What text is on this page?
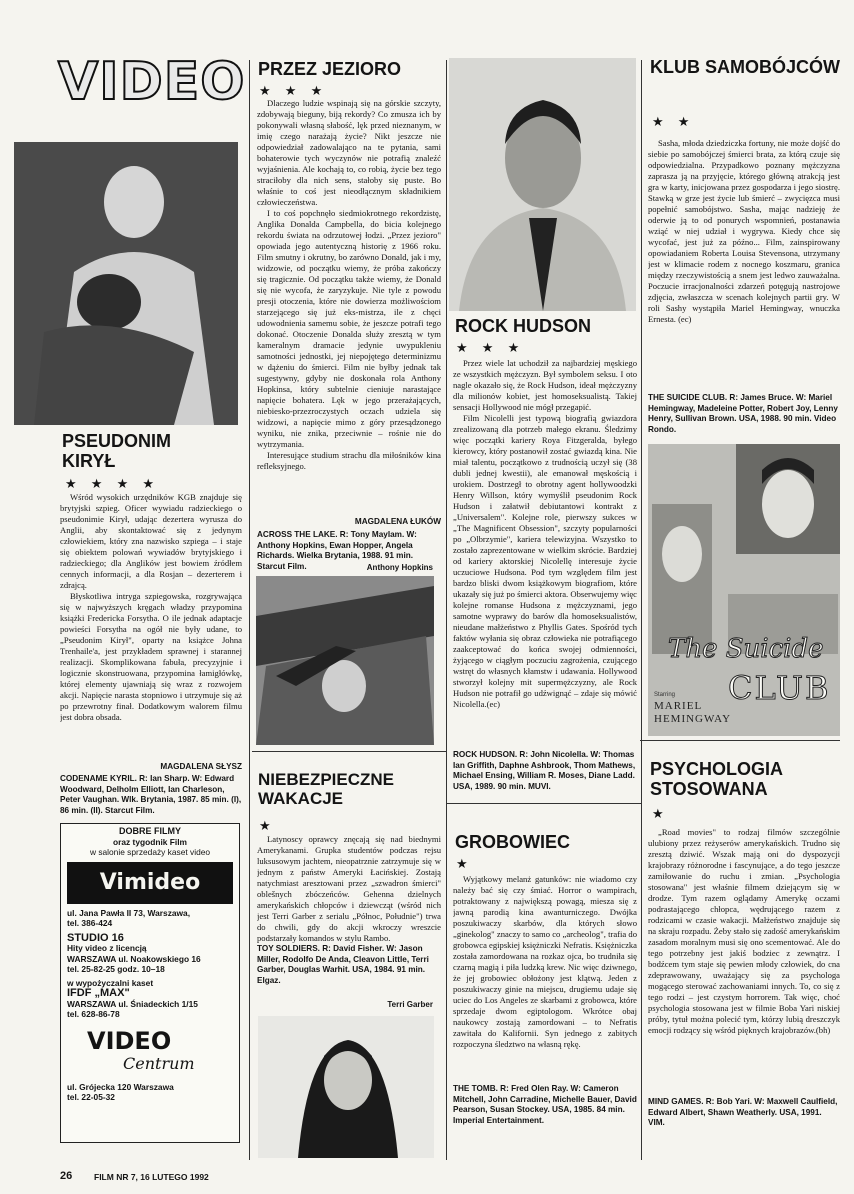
VIDEO
PSEUDONIM KIRYŁ
★ ★ ★ ★

Wśród wysokich urzędników KGB znajduje się brytyjski szpieg. Oficer wywiadu radzieckiego o pseudonimie Kirył, udając dezertera wyrusza do Anglii, aby skontaktować się z jedynym człowiekiem, który zna nazwisko szpiega – i staje się obiektem polowań wywiadów brytyjskiego i radzieckiego; dla Anglików jest bowiem źródłem cennych informacji, a dla Rosjan – dezerterem i zdrajcą.

Błyskotliwa intryga szpiegowska, rozgrywająca się w najwyższych kręgach władzy przypomina książki Fredericka Forsytha. O ile jednak adaptacje powieści Forsytha na ogół nie były udane, to „Pseudonim Kirył", oparty na książce Johna Trenhaile'a, jest przykładem sprawnej i starannej realizacji. Skomplikowana fabuła, precyzyjnie i logicznie skonstruowana, przypomina łamigłówkę, której elementy ujawniają się wraz z rozwojem akcji. Napięcie narasta stopniowo i utrzymuje się aż po przewrotny finał. Dodatkowym walorem filmu jest dobra obsada.

MAGDALENA SŁYSZ
CODENAME KYRIL. R: Ian Sharp. W: Edward Woodward, Delholm Elliott, Ian Charleson, Peter Vaughan. Wlk. Brytania, 1987. 85 min. (I), 86 min. (II). Starcut Film.
DOBRE FILMY
oraz tygodnik Film
w salonie sprzedaży kaset video
Vimideo
ul. Jana Pawła II 73, Warszawa,
tel. 386-424
STUDIO 16
Hity video z licencją
WARSZAWA ul. Noakowskiego 16
tel. 25-82-25 godz. 10–18
w wypożyczalni kaset
IFDF „MAX"
WARSZAWA ul. Śniadeckich 1/15
tel. 628-86-78
VIDEO
Centrum
ul. Grójecka 120 Warszawa
tel. 22-05-32
26	FILM NR 7, 16 LUTEGO 1992
PRZEZ JEZIORO
★ ★ ★

Dlaczego ludzie wspinają się na górskie szczyty, zdobywają bieguny, biją rekordy? Co zmusza ich by pokonywali własną słabość, lęk przed nieznanym, w imię czego narażają życie? Nikt jeszcze nie odpowiedział zadowalająco na te pytania, sami bohaterowie tych wyczynów nie potrafią znaleźć wyjaśnienia. Ale kochają to, co robią, życie bez tego straciłoby dla nich sens, stałoby się puste. Bo właśnie to coś jest nieodłącznym składnikiem człowieczeństwa.

I to coś popchnęło siedmiokrotnego rekordzistę, Anglika Donalda Campbella, do bicia kolejnego rekordu świata na odrzutowej łodzi. „Przez jezioro" opowiada jego autentyczną historię z 1966 roku. Film smutny i okrutny, bo zarówno Donald, jak i my, widzowie, od początku wiemy, że próba zakończy się tragicznie. Od początku także wiemy, że Donald się nie wycofa, że zaryzykuje. Nie tyle z powodu presji otoczenia, które nie dowierza możliwościom starzejącego się już eks-mistrza, ile z chęci udowodnienia samemu sobie, że jeszcze potrafi tego dokonać. Otoczenie Donalda służy zresztą w tym kameralnym dramacie jedynie uwypukleniu samotności jednostki, jej niepojętego determinizmu w dążeniu do śmierci. Film nie byłby jednak tak sugestywny, gdyby nie doskonała rola Anthony Hopkinsa, który subtelnie cieniuje narastające napięcie bohatera. Lęk w jego przerażających, niebiesko-przezroczystych oczach udziela się widzowi, a napięcie mimo z góry przesądzonego wyniku, nie znika, przeciwnie – rośnie nie do wytrzymania.

Interesujące studium strachu dla miłośników kina refleksyjnego.

MAGDALENA ŁUKÓW
ACROSS THE LAKE. R: Tony Maylam. W: Anthony Hopkins, Ewan Hopper, Angela Richards. Wielka Brytania, 1988. 91 min. Starcut Film.	Anthony Hopkins
NIEBEZPIECZNE WAKACJE
★

Latynoscy oprawcy znęcają się nad biednymi Amerykanami. Grupka studentów podczas rejsu luksusowym jachtem, nieopatrznie zatrzymuje się w jednym z państw Ameryki Łacińskiej. Zostają natychmiast aresztowani przez „szwadron śmierci" oblešnych zbóczeńców. Gehenna dzielnych amerykańskich chłopców i dziewcząt (wśród nich jest Terri Garber z serialu „Północ, Południe") trwa do chwili, gdy do akcji wkroczy wreszcie podstarzały komandos w stylu Rambo.

TOY SOLDIERS. R: David Fisher. W: Jason Miller, Rodolfo De Anda, Cleavon Little, Terri Garber, Douglas Warhit. USA, 1984. 91 min. Elgaz.
Terri Garber
ROCK HUDSON
★ ★ ★

Przez wiele lat uchodził za najbardziej męskiego ze wszystkich mężczyzn. Był symbolem seksu. I oto nagle okazało się, że Rock Hudson, ideał mężczyzny dla milionów kobiet, jest homoseksualistą. Takiej sensacji Hollywood nie mógł przegapić.

Film Nicolelli jest typową biografią gwiazdora zrealizowaną dla potrzeb małego ekranu. Śledzimy więc początki kariery Roya Fitzgeralda, byłego kierowcy, który postanowił zostać gwiazdą kina. Nie miał talentu, początkowo z trudnością uczył się (38 dubli jednej kwestii), ale emanował męskością i urokiem. Dostrzegł to obrotny agent hollywoodzki Henry Willson, który wymyślił pseudonim Rock Hudson i załatwił debiutantowi kontrakt z „Universalem". Kolejne role, pierwszy sukces w „The Magnificent Obsession", szczyty popularności po „Olbrzymie", kariera telewizyjna. Wszystko to zostało zaprezentowane w wielkim skrócie. Bardziej od kariery aktorskiej Nicolellę interesuje życie uczuciowe Hudsona. Pod tym względem film jest bardzo bliski dwom książkowym biografiom, które ukazały się już po śmierci aktora. Obserwujemy więc kolejne romanse Hudsona z mężczyznami, jego samotne wyprawy do barów dla homoseksualistów, nieudane małżeństwo z Phyllis Gates. Spośród tych faktów wyłania się obraz człowieka nie potrafiącego zaakceptować do końca swojej odmienności, żyjącego w ciągłym poczuciu zagrożenia, czującego wstręt do własnych kłamstw i udawania. Hollywood stworzył kolejny mit supermężczyzny, ale Rock Hudson nie potrafił go udźwignąć – zdaje się mówić Nicolella.(ec)

ROCK HUDSON. R: John Nicolella. W: Thomas Ian Griffith, Daphne Ashbrook, Thom Mathews, Michael Ensing, William R. Moses, Diane Ladd. USA, 1989. 90 min. MUVI.
GROBOWIEC
★

Wyjątkowy melanż gatunków: nie wiadomo czy należy bać się czy śmiać. Horror o wampirach, potraktowany z największą powagą, miesza się z jawną parodią kina awanturniczego. Dwójka poszukiwaczy skarbów, dla których słowo „ginekolog" znaczy to samo co „archeolog", trafia do grobowca egipskiej księżniczki Nefratis. Księżniczka została zamordowana na rozkaz ojca, bo trudniła się czarną magią i piła ludzką krew. Nic więc dziwnego, że jej grobowiec obłożony jest klątwą. Jeden z poszukiwaczy ginie na miejscu, drugiemu udaje się uciec do Los Angeles ze skarbami z grobowca, które sprzedaje dwom egiptologom. Wkrótce obaj naukowcy zostają zamordowani – to Nefratis zawitała do Kalifornii. Syn jednego z zabitych rozpoczyna śledztwo na własną rękę.

THE TOMB. R: Fred Olen Ray. W: Cameron Mitchell, John Carradine, Michelle Bauer, David Pearson, Susan Stockey. USA, 1985. 84 min. Imperial Entertainment.
KLUB SAMOBÓJCÓW
★ ★

Sasha, młoda dziedziczka fortuny, nie może dojść do siebie po samobójczej śmierci brata, za którą czuje się odpowiedzialna. Przypadkowo poznany mężczyzna zaprasza ją na przyjęcie, którego główną atrakcją jest gra w karty, inicjowana przez gospodarza i jego siostrę. Stawką w grze jest życie lub śmierć – zwycięzca musi popełnić samobójstwo. Sasha, mając nadzieję że oderwie ją to od ponurych wspomnień, postanawia wziąć w niej udział i wygrywa. Kiedy chce się wycofać, jest już za późno... Film, zainspirowany opowiadaniem Roberta Louisa Stevensona, utrzymany jest w klimacie rodem z nocnego koszmaru, granica między rzeczywistością a snem jest ledwo zauważalna. Poczucie irracjonalności zdarzeń potęgują nastrojowe zdjęcia, zwłaszcza w scenach kolejnych partii gry. W roli Sashy wystąpiła Mariel Hemingway, wnuczka Ernesta. (ec)

THE SUICIDE CLUB. R: James Bruce. W: Mariel Hemingway, Madeleine Potter, Robert Joy, Lenny Henry, Sullivan Brown. USA, 1988. 90 min. Video Rondo.
The Suicide
CLUB
Starring
MARIEL
HEMINGWAY
PSYCHOLOGIA STOSOWANA
★

„Road movies" to rodzaj filmów szczególnie ulubiony przez reżyserów amerykańskich. Trudno się zresztą dziwić. Wszak mają oni do dyspozycji krajobrazy różnorodne i fascynujące, a do tego jeszcze zamiłowanie do ruchu i zmian. „Psychologia stosowana" jest właśnie filmem dziejącym się w drodze. Tym razem oglądamy Amerykę oczami podrastającego chłopca, wędrującego razem z rodzicami w czasie wakacji. Małżeństwo znajduje się na skraju rozpadu. Żeby stało się zadość amerykańskim zasadom moralnym musi się ono scementować. Ale do tego potrzebny jest jakiś bodziec z zewnątrz. I bodźcem tym staje się pewien młody człowiek, do cna zdeprawowany, uważający się za psychologa mogącego sterować zachowaniami innych. To, co się z tego rodzi – jest czystym horrorem. Tak więc, choć psychologia stosowana jest w filmie Boba Yari niskiej próby, tytuł można polecić tym, którzy lubią dreszczyk emocji rodzący się wśród pięknych krajobrazów.(bh)

MIND GAMES. R: Bob Yari. W: Maxwell Caulfield, Edward Albert, Shawn Weatherly. USA, 1991. VIM.
